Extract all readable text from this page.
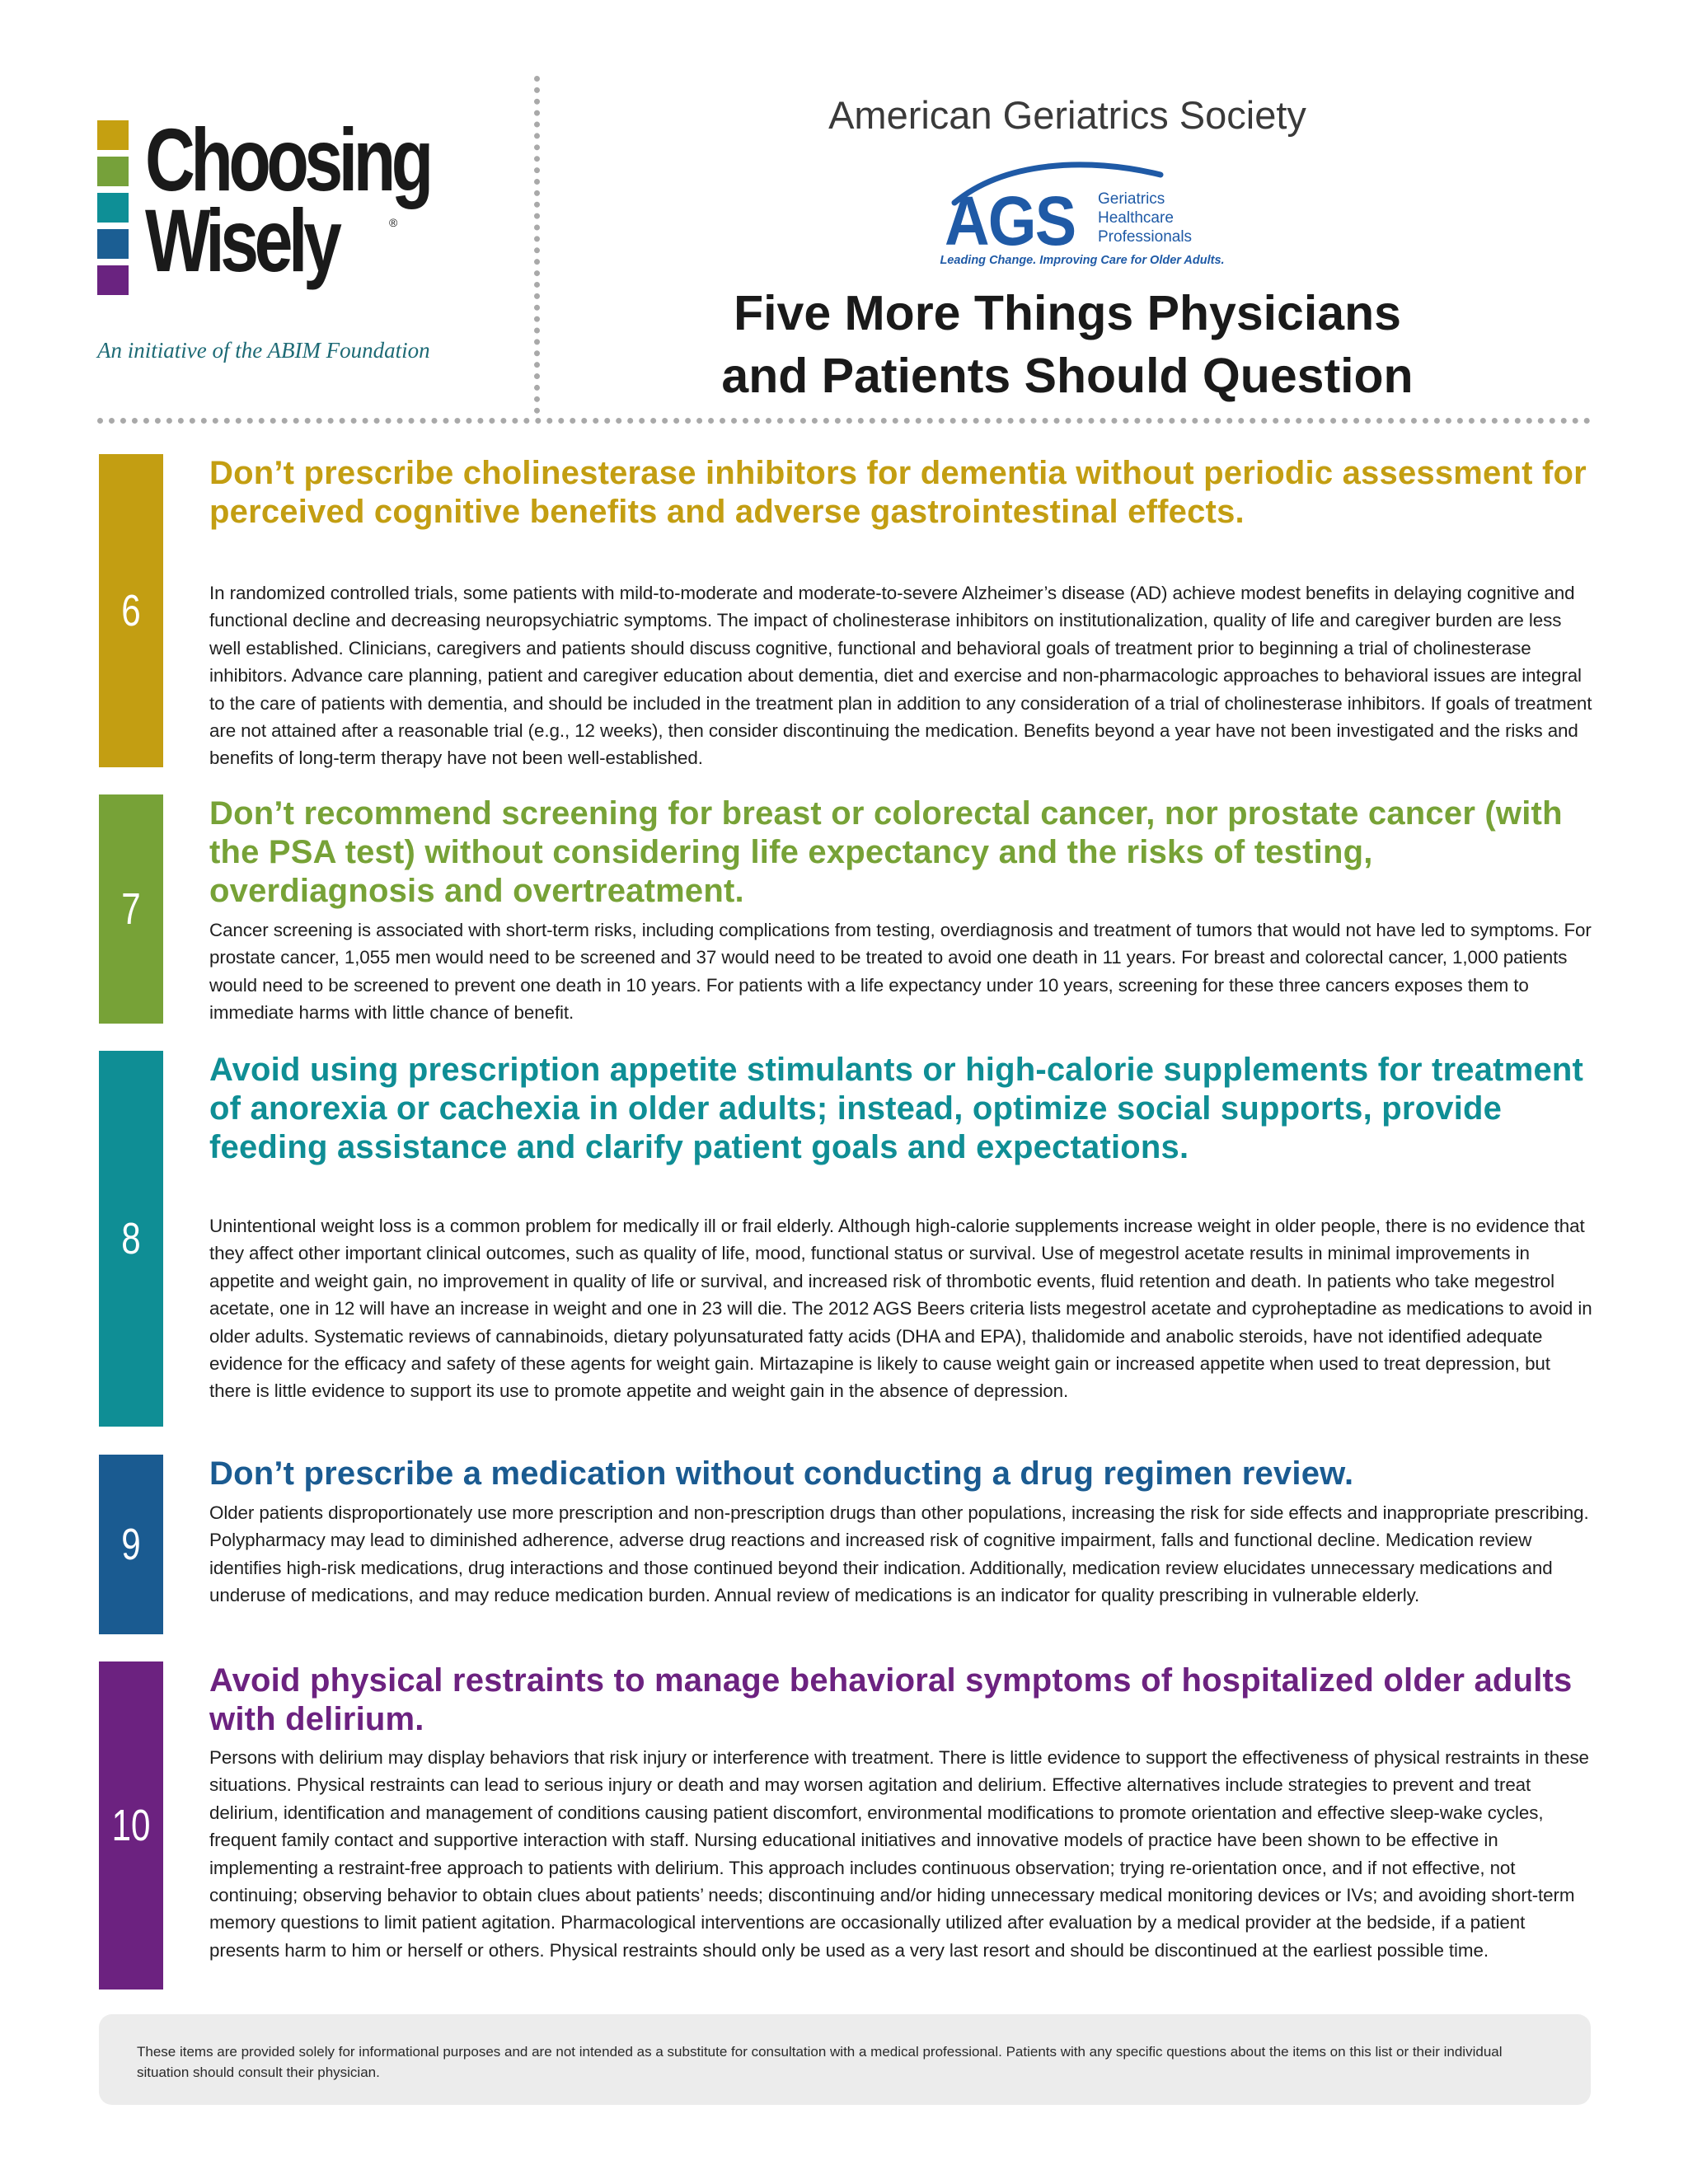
Choosing
Wisely	®
An initiative of the ABIM Foundation
American Geriatrics Society
AGS Geriatrics
Healthcare
Professionals
Leading Change. Improving Care for Older Adults.
Five More Things Physicians
and Patients Should Question
6
Don’t prescribe cholinesterase inhibitors for dementia without periodic assessment for perceived cognitive benefits and adverse gastrointestinal effects.
In randomized controlled trials, some patients with mild-to-moderate and moderate-to-severe Alzheimer’s disease (AD) achieve modest benefits in delaying cognitive and functional decline and decreasing neuropsychiatric symptoms. The impact of cholinesterase inhibitors on institutionalization, quality of life and caregiver burden are less well established. Clinicians, caregivers and patients should discuss cognitive, functional and behavioral goals of treatment prior to beginning a trial of cholinesterase inhibitors. Advance care planning, patient and caregiver education about dementia, diet and exercise and non-pharmacologic approaches to behavioral issues are integral to the care of patients with dementia, and should be included in the treatment plan in addition to any consideration of a trial of cholinesterase inhibitors. If goals of treatment are not attained after a reasonable trial (e.g., 12 weeks), then consider discontinuing the medication. Benefits beyond a year have not been investigated and the risks and benefits of long-term therapy have not been well-established.
7
Don’t recommend screening for breast or colorectal cancer, nor prostate cancer (with the PSA test) without considering life expectancy and the risks of testing, overdiagnosis and overtreatment.
Cancer screening is associated with short-term risks, including complications from testing, overdiagnosis and treatment of tumors that would not have led to symptoms. For prostate cancer, 1,055 men would need to be screened and 37 would need to be treated to avoid one death in 11 years. For breast and colorectal cancer, 1,000 patients would need to be screened to prevent one death in 10 years. For patients with a life expectancy under 10 years, screening for these three cancers exposes them to immediate harms with little chance of benefit.
8
Avoid using prescription appetite stimulants or high-calorie supplements for treatment of anorexia or cachexia in older adults; instead, optimize social supports, provide feeding assistance and clarify patient goals and expectations.
Unintentional weight loss is a common problem for medically ill or frail elderly. Although high-calorie supplements increase weight in older people, there is no evidence that they affect other important clinical outcomes, such as quality of life, mood, functional status or survival. Use of megestrol acetate results in minimal improvements in appetite and weight gain, no improvement in quality of life or survival, and increased risk of thrombotic events, fluid retention and death. In patients who take megestrol acetate, one in 12 will have an increase in weight and one in 23 will die. The 2012 AGS Beers criteria lists megestrol acetate and cyproheptadine as medications to avoid in older adults. Systematic reviews of cannabinoids, dietary polyunsaturated fatty acids (DHA and EPA), thalidomide and anabolic steroids, have not identified adequate evidence for the efficacy and safety of these agents for weight gain. Mirtazapine is likely to cause weight gain or increased appetite when used to treat depression, but there is little evidence to support its use to promote appetite and weight gain in the absence of depression.
9
Don’t prescribe a medication without conducting a drug regimen review.
Older patients disproportionately use more prescription and non-prescription drugs than other populations, increasing the risk for side effects and inappropriate prescribing. Polypharmacy may lead to diminished adherence, adverse drug reactions and increased risk of cognitive impairment, falls and functional decline. Medication review identifies high-risk medications, drug interactions and those continued beyond their indication. Additionally, medication review elucidates unnecessary medications and underuse of medications, and may reduce medication burden. Annual review of medications is an indicator for quality prescribing in vulnerable elderly.
10
Avoid physical restraints to manage behavioral symptoms of hospitalized older adults with delirium.
Persons with delirium may display behaviors that risk injury or interference with treatment. There is little evidence to support the effectiveness of physical restraints in these situations. Physical restraints can lead to serious injury or death and may worsen agitation and delirium. Effective alternatives include strategies to prevent and treat delirium, identification and management of conditions causing patient discomfort, environmental modifications to promote orientation and effective sleep-wake cycles, frequent family contact and supportive interaction with staff. Nursing educational initiatives and innovative models of practice have been shown to be effective in implementing a restraint-free approach to patients with delirium. This approach includes continuous observation; trying re-orientation once, and if not effective, not continuing; observing behavior to obtain clues about patients’ needs; discontinuing and/or hiding unnecessary medical monitoring devices or IVs; and avoiding short-term memory questions to limit patient agitation. Pharmacological interventions are occasionally utilized after evaluation by a medical provider at the bedside, if a patient presents harm to him or herself or others. Physical restraints should only be used as a very last resort and should be discontinued at the earliest possible time.
These items are provided solely for informational purposes and are not intended as a substitute for consultation with a medical professional. Patients with any specific questions about the items on this list or their individual situation should consult their physician.
